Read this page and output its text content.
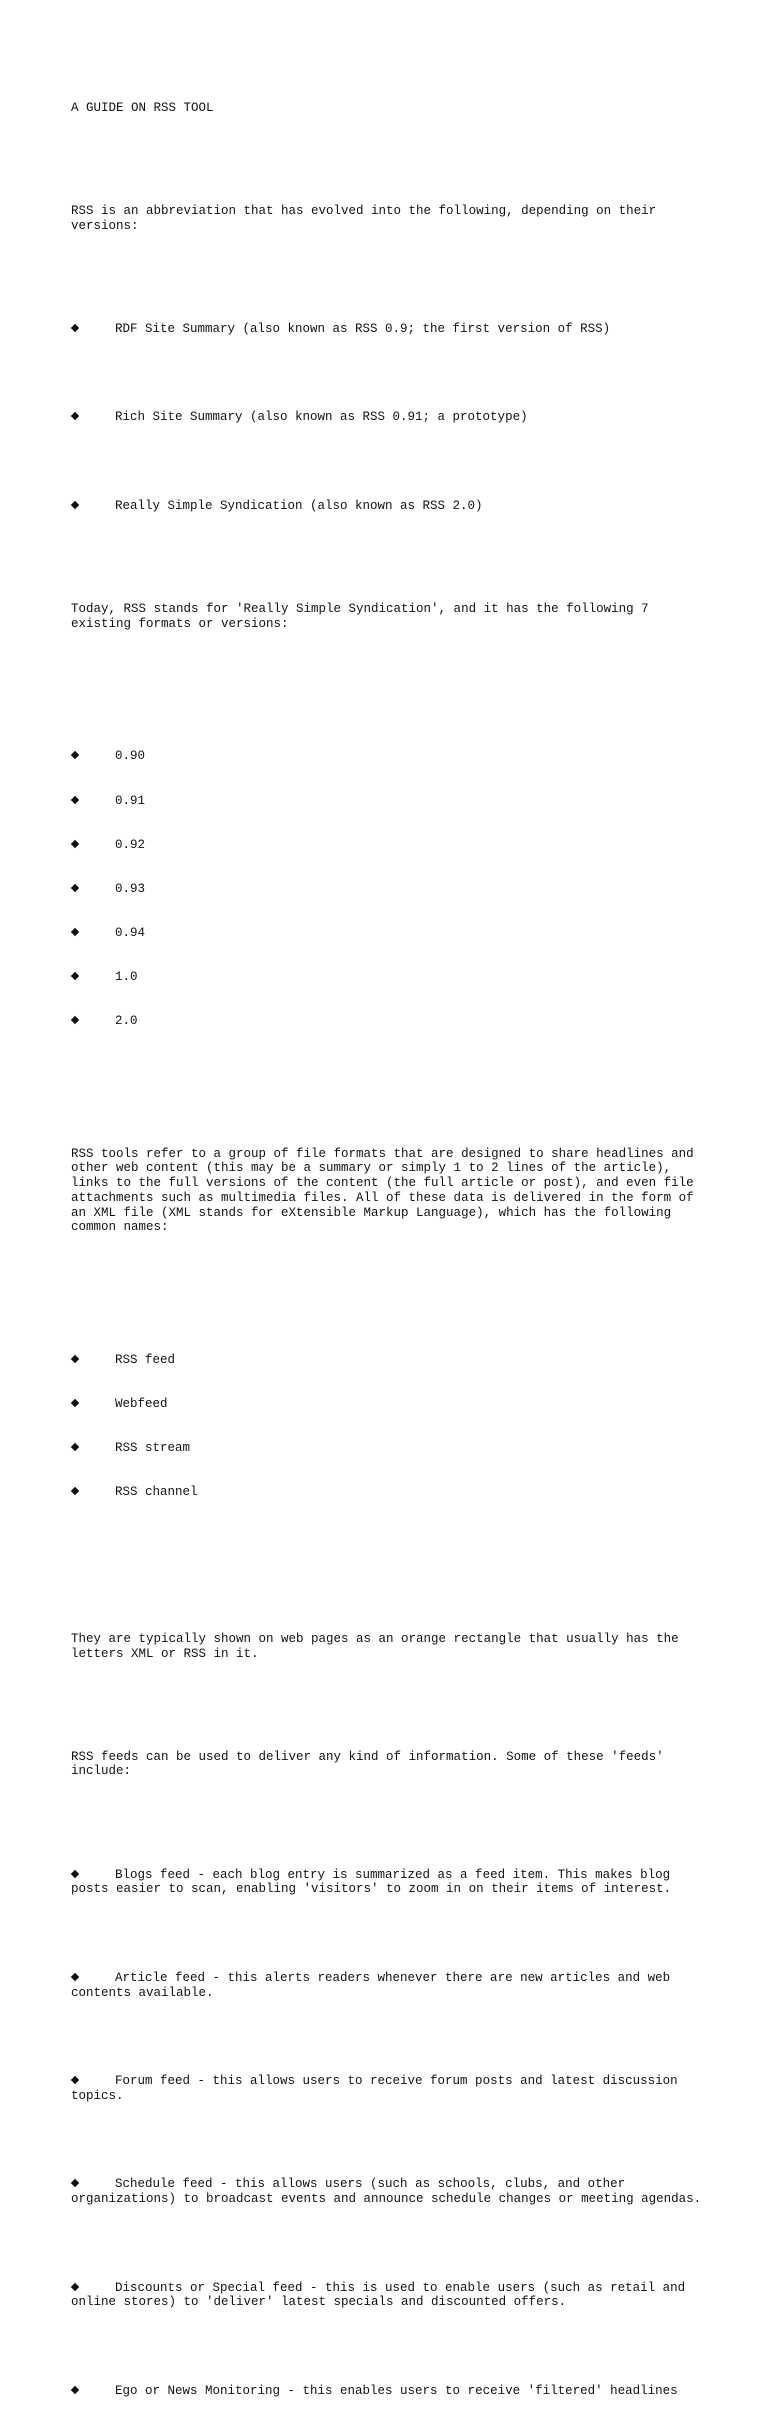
A GUIDE ON RSS TOOL

RSS is an abbreviation that has evolved into the following, depending on their versions:

RDF Site Summary (also known as RSS 0.9; the first version of RSS)

Rich Site Summary (also known as RSS 0.91; a prototype)

Really Simple Syndication (also known as RSS 2.0)

Today, RSS stands for 'Really Simple Syndication', and it has the following 7 existing formats or versions:

0.90

0.91

0.92

0.93

0.94

1.0

2.0

RSS tools refer to a group of file formats that are designed to share headlines and other web content (this may be a summary or simply 1 to 2 lines of the article), links to the full versions of the content (the full article or post), and even file attachments such as multimedia files. All of these data is delivered in the form of an XML file (XML stands for eXtensible Markup Language), which has the following common names:

RSS feed

Webfeed

RSS stream

RSS channel

They are typically shown on web pages as an orange rectangle that usually has the letters XML or RSS in it.

RSS feeds can be used to deliver any kind of information. Some of these 'feeds' include:

Blogs feed - each blog entry is summarized as a feed item. This makes blog posts easier to scan, enabling 'visitors' to zoom in on their items of interest.

Article feed - this alerts readers whenever there are new articles and web contents available.

Forum feed - this allows users to receive forum posts and latest discussion topics.

Schedule feed - this allows users (such as schools, clubs, and other organizations) to broadcast events and announce schedule changes or meeting agendas.

Discounts or Special feed - this is used to enable users (such as retail and online stores) to 'deliver' latest specials and discounted offers.

Ego or News Monitoring - this enables users to receive 'filtered' headlines
